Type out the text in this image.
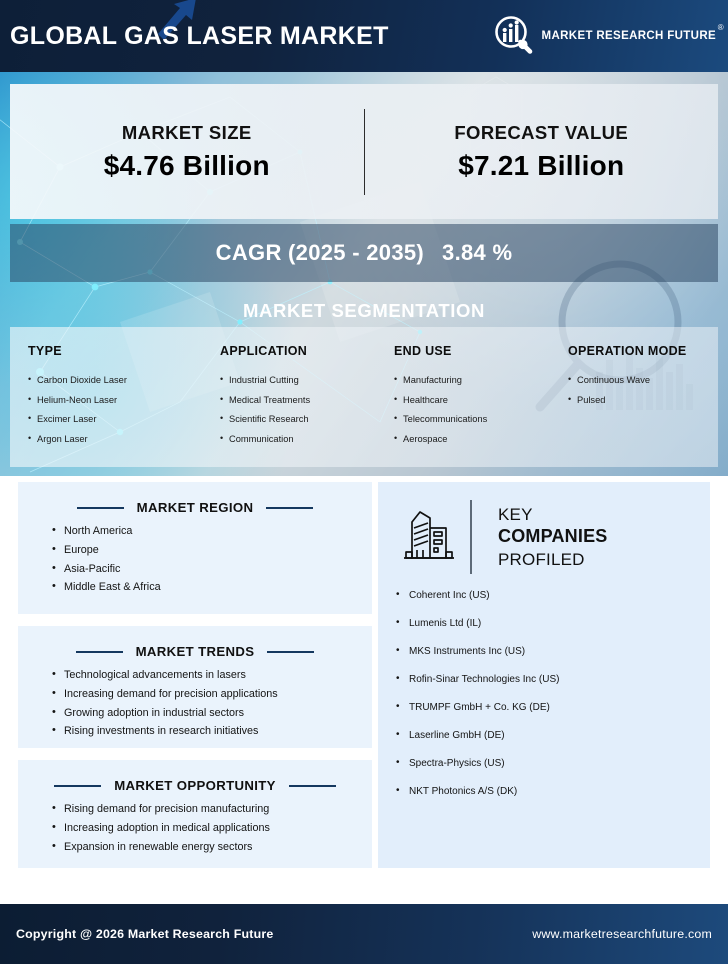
GLOBAL GAS LASER MARKET	MARKET RESEARCH FUTURE
®
MARKET SIZE
$4.76 Billion
FORECAST VALUE
$7.21 Billion
CAGR (2025 - 2035) 3.84 %
MARKET SEGMENTATION
TYPE
• Carbon Dioxide Laser
• Helium-Neon Laser
• Excimer Laser
• Argon Laser
APPLICATION
• Industrial Cutting
• Medical Treatments
• Scientific Research
• Communication
END USE
• Manufacturing
• Healthcare
• Telecommunications
• Aerospace
OPERATION MODE
• Continuous Wave
• Pulsed
MARKET REGION
• North America
• Europe
• Asia-Pacific
• Middle East & Africa
MARKET TRENDS
• Technological advancements in lasers
• Increasing demand for precision applications
• Growing adoption in industrial sectors
• Rising investments in research initiatives
MARKET OPPORTUNITY
• Rising demand for precision manufacturing
• Increasing adoption in medical applications
• Expansion in renewable energy sectors
KEY
COMPANIES
PROFILED
• Coherent Inc (US)
• Lumenis Ltd (IL)
• MKS Instruments Inc (US)
• Rofin-Sinar Technologies Inc (US)
• TRUMPF GmbH + Co. KG (DE)
• Laserline GmbH (DE)
• Spectra-Physics (US)
• NKT Photonics A/S (DK)
Copyright @ 2025 Market Research Future	www.marketresearchfuture.com
Copyright @ 2026 Market Research Future	www.marketresearchfuture.com
